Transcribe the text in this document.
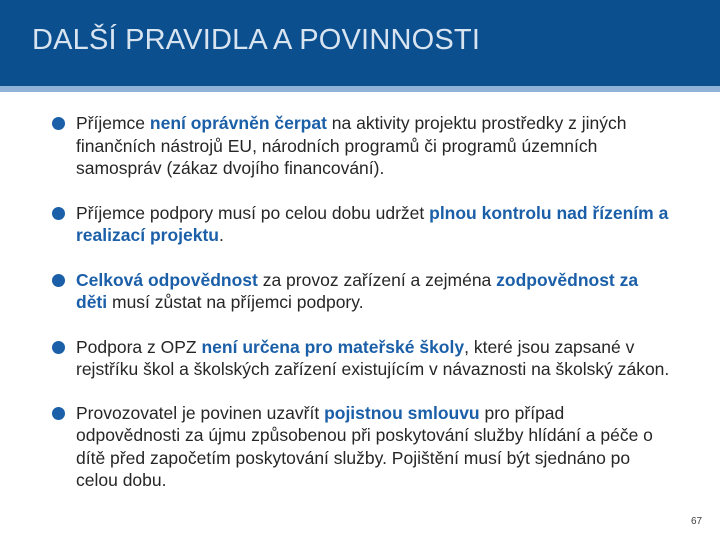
DALŠÍ PRAVIDLA A POVINNOSTI
Příjemce není oprávněn čerpat na aktivity projektu prostředky z jiných finančních nástrojů EU, národních programů či programů územních samospráv (zákaz dvojího financování).
Příjemce podpory musí po celou dobu udržet plnou kontrolu nad řízením a realizací projektu.
Celková odpovědnost za provoz zařízení a zejména zodpovědnost za děti musí zůstat na příjemci podpory.
Podpora z OPZ není určena pro mateřské školy, které jsou zapsané v rejstříku škol a školských zařízení existujícím v návaznosti na školský zákon.
Provozovatel je povinen uzavřít pojistnou smlouvu pro případ odpovědnosti za újmu způsobenou při poskytování služby hlídání a péče o dítě před započetím poskytování služby. Pojištění musí být sjednáno po celou dobu.
67
